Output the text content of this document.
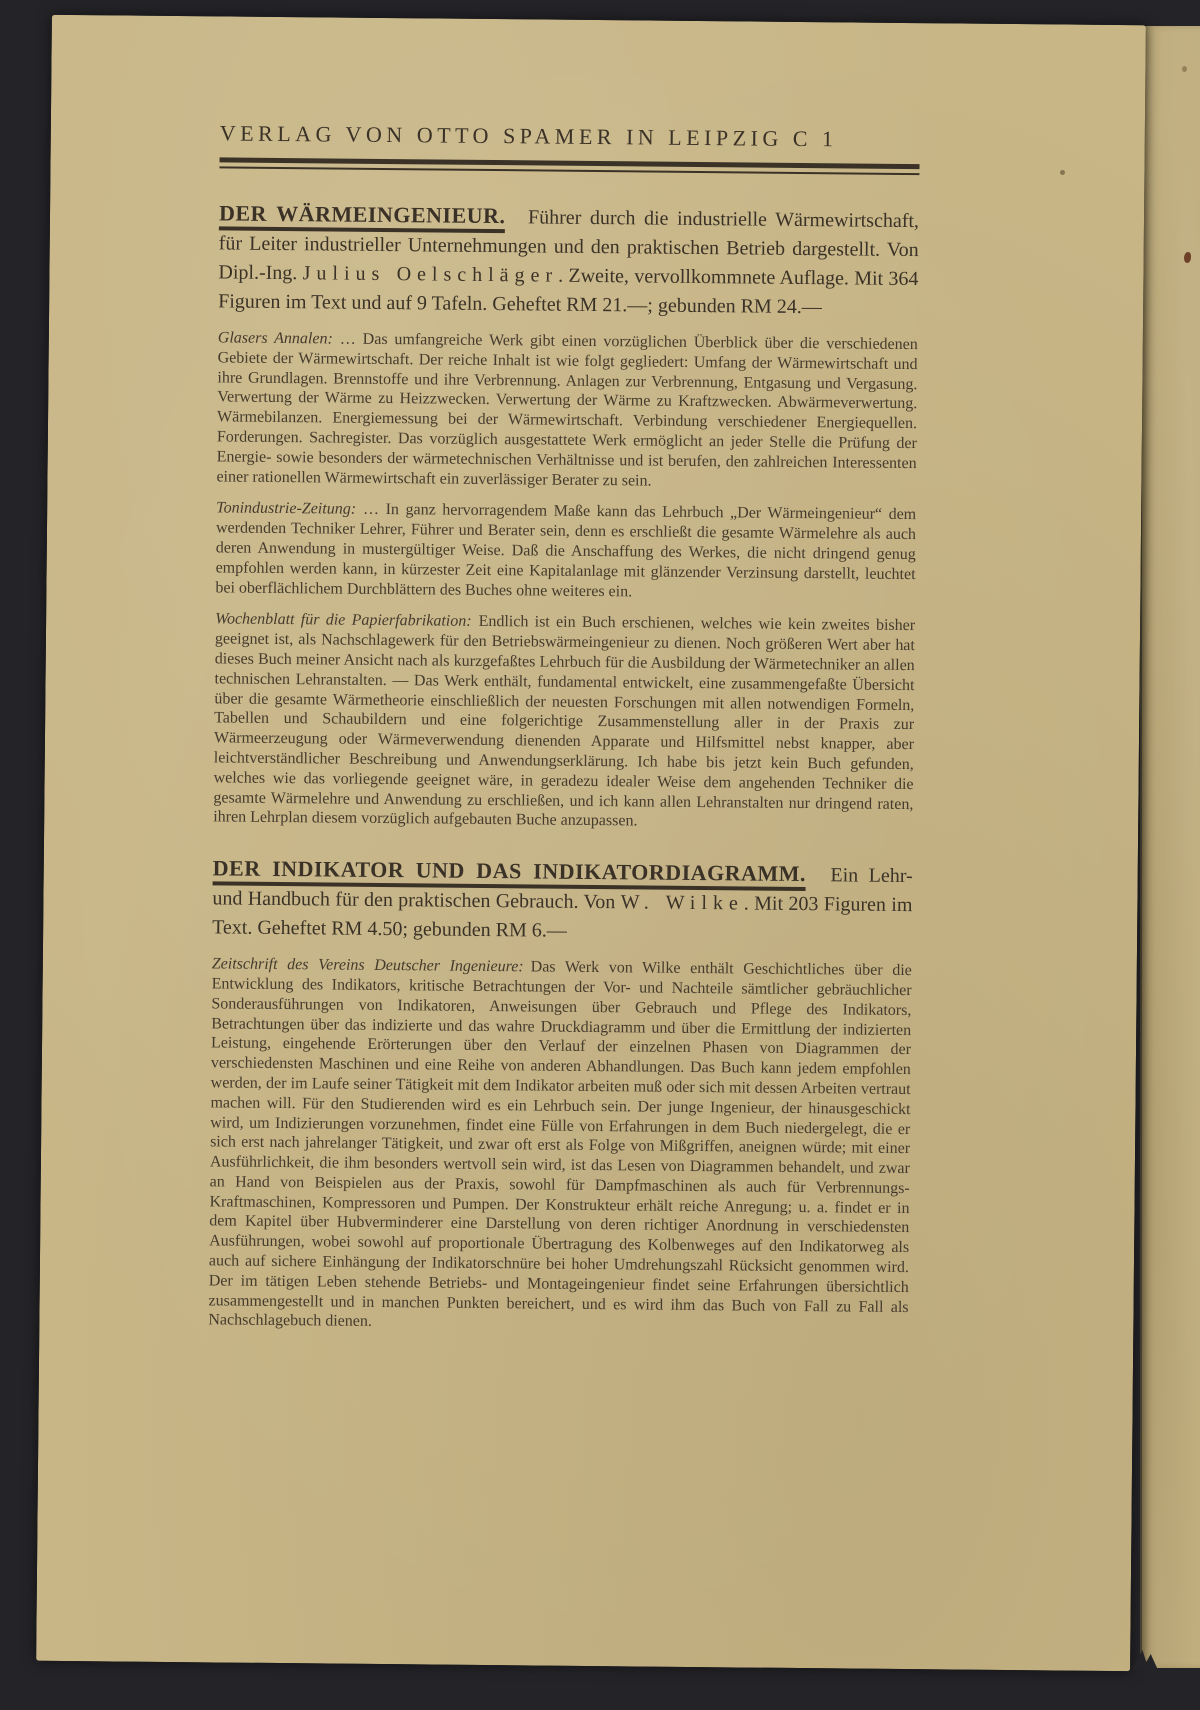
VERLAG VON OTTO SPAMER IN LEIPZIG C 1

DER WÄRMEINGENIEUR. Führer durch die industrielle Wärmewirtschaft, für Leiter industrieller Unternehmungen und den praktischen Betrieb dargestellt. Von Dipl.-Ing. Julius Oelschläger. Zweite, vervollkommnete Auflage. Mit 364 Figuren im Text und auf 9 Tafeln. Geheftet RM 21.—; gebunden RM 24.—

Glasers Annalen: … Das umfangreiche Werk gibt einen vorzüglichen Überblick über die verschiedenen Gebiete der Wärmewirtschaft. Der reiche Inhalt ist wie folgt gegliedert: Umfang der Wärmewirtschaft und ihre Grundlagen. Brennstoffe und ihre Verbrennung. Anlagen zur Verbrennung, Entgasung und Vergasung. Verwertung der Wärme zu Heizzwecken. Verwertung der Wärme zu Kraftzwecken. Abwärmeverwertung. Wärmebilanzen. Energiemessung bei der Wärmewirtschaft. Verbindung verschiedener Energiequellen. Forderungen. Sachregister. Das vorzüglich ausgestattete Werk ermöglicht an jeder Stelle die Prüfung der Energie- sowie besonders der wärmetechnischen Verhältnisse und ist berufen, den zahlreichen Interessenten einer rationellen Wärmewirtschaft ein zuverlässiger Berater zu sein.

Tonindustrie-Zeitung: … In ganz hervorragendem Maße kann das Lehrbuch „Der Wärmeingenieur“ dem werdenden Techniker Lehrer, Führer und Berater sein, denn es erschließt die gesamte Wärmelehre als auch deren Anwendung in mustergültiger Weise. Daß die Anschaffung des Werkes, die nicht dringend genug empfohlen werden kann, in kürzester Zeit eine Kapitalanlage mit glänzender Verzinsung darstellt, leuchtet bei oberflächlichem Durchblättern des Buches ohne weiteres ein.

Wochenblatt für die Papierfabrikation: Endlich ist ein Buch erschienen, welches wie kein zweites bisher geeignet ist, als Nachschlagewerk für den Betriebswärmeingenieur zu dienen. Noch größeren Wert aber hat dieses Buch meiner Ansicht nach als kurzgefaßtes Lehrbuch für die Ausbildung der Wärmetechniker an allen technischen Lehranstalten. — Das Werk enthält, fundamental entwickelt, eine zusammengefaßte Übersicht über die gesamte Wärmetheorie einschließlich der neuesten Forschungen mit allen notwendigen Formeln, Tabellen und Schaubildern und eine folgerichtige Zusammenstellung aller in der Praxis zur Wärmeerzeugung oder Wärmeverwendung dienenden Apparate und Hilfsmittel nebst knapper, aber leichtverständlicher Beschreibung und Anwendungserklärung. Ich habe bis jetzt kein Buch gefunden, welches wie das vorliegende geeignet wäre, in geradezu idealer Weise dem angehenden Techniker die gesamte Wärmelehre und Anwendung zu erschließen, und ich kann allen Lehranstalten nur dringend raten, ihren Lehrplan diesem vorzüglich aufgebauten Buche anzupassen.

DER INDIKATOR UND DAS INDIKATORDIAGRAMM. Ein Lehr- und Handbuch für den praktischen Gebrauch. Von W. Wilke. Mit 203 Figuren im Text. Geheftet RM 4.50; gebunden RM 6.—

Zeitschrift des Vereins Deutscher Ingenieure: Das Werk von Wilke enthält Geschichtliches über die Entwicklung des Indikators, kritische Betrachtungen der Vor- und Nachteile sämtlicher gebräuchlicher Sonderausführungen von Indikatoren, Anweisungen über Gebrauch und Pflege des Indikators, Betrachtungen über das indizierte und das wahre Druckdiagramm und über die Ermittlung der indizierten Leistung, eingehende Erörterungen über den Verlauf der einzelnen Phasen von Diagrammen der verschiedensten Maschinen und eine Reihe von anderen Abhandlungen. Das Buch kann jedem empfohlen werden, der im Laufe seiner Tätigkeit mit dem Indikator arbeiten muß oder sich mit dessen Arbeiten vertraut machen will. Für den Studierenden wird es ein Lehrbuch sein. Der junge Ingenieur, der hinausgeschickt wird, um Indizierungen vorzunehmen, findet eine Fülle von Erfahrungen in dem Buch niedergelegt, die er sich erst nach jahrelanger Tätigkeit, und zwar oft erst als Folge von Mißgriffen, aneignen würde; mit einer Ausführlichkeit, die ihm besonders wertvoll sein wird, ist das Lesen von Diagrammen behandelt, und zwar an Hand von Beispielen aus der Praxis, sowohl für Dampfmaschinen als auch für Verbrennungs-Kraftmaschinen, Kompressoren und Pumpen. Der Konstrukteur erhält reiche Anregung; u. a. findet er in dem Kapitel über Hubverminderer eine Darstellung von deren richtiger Anordnung in verschiedensten Ausführungen, wobei sowohl auf proportionale Übertragung des Kolbenweges auf den Indikatorweg als auch auf sichere Einhängung der Indikatorschnüre bei hoher Umdrehungszahl Rücksicht genommen wird. Der im tätigen Leben stehende Betriebs- und Montageingenieur findet seine Erfahrungen übersichtlich zusammengestellt und in manchen Punkten bereichert, und es wird ihm das Buch von Fall zu Fall als Nachschlagebuch dienen.
